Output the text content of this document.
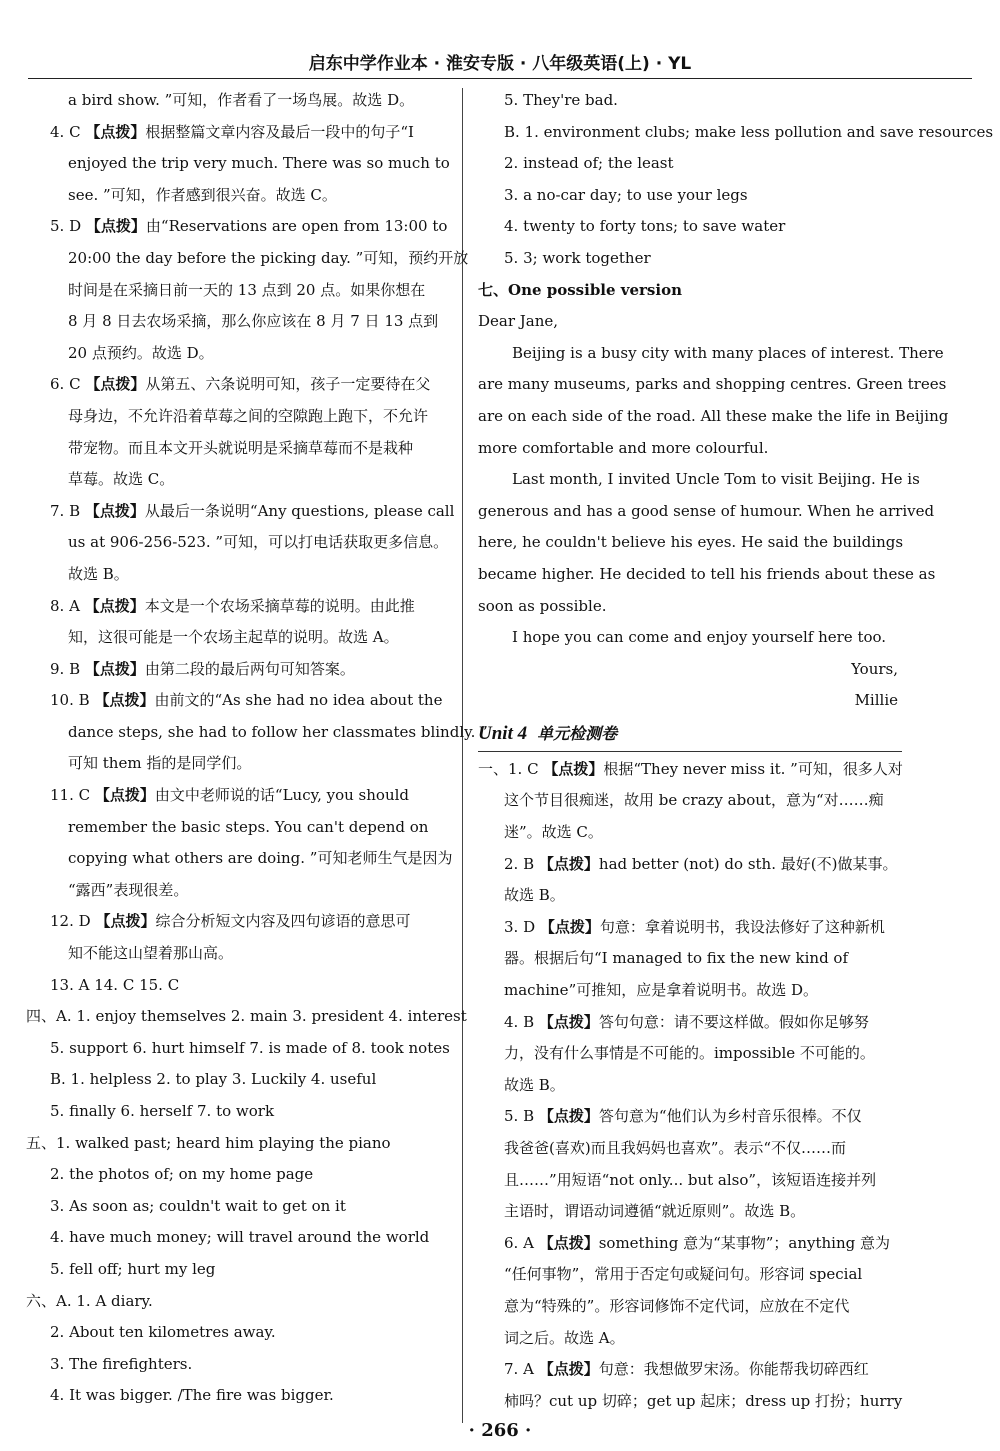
启东中学作业本 · 淮安专版 · 八年级英语(上) · YL
a bird show. ”可知，作者看了一场鸟展。故选 D。
4. C 【点拨】根据整篇文章内容及最后一段中的句子“I
enjoyed the trip very much. There was so much to
see. ”可知，作者感到很兴奋。故选 C。
5. D 【点拨】由“Reservations are open from 13:00 to
20:00 the day before the picking day. ”可知，预约开放
时间是在采摘日前一天的 13 点到 20 点。如果你想在
8 月 8 日去农场采摘，那么你应该在 8 月 7 日 13 点到
20 点预约。故选 D。
6. C 【点拨】从第五、六条说明可知，孩子一定要待在父
母身边，不允许沿着草莓之间的空隙跑上跑下，不允许
带宠物。而且本文开头就说明是采摘草莓而不是栽种
草莓。故选 C。
7. B 【点拨】从最后一条说明“Any questions, please call
us at 906-256-523. ”可知，可以打电话获取更多信息。
故选 B。
8. A 【点拨】本文是一个农场采摘草莓的说明。由此推
知，这很可能是一个农场主起草的说明。故选 A。
9. B 【点拨】由第二段的最后两句可知答案。
10. B 【点拨】由前文的“As she had no idea about the
dance steps, she had to follow her classmates blindly. ”
可知 them 指的是同学们。
11. C 【点拨】由文中老师说的话“Lucy, you should
remember the basic steps. You can't depend on
copying what others are doing. ”可知老师生气是因为
“露西”表现很差。
12. D 【点拨】综合分析短文内容及四句谚语的意思可
知不能这山望着那山高。
13. A 14. C 15. C
四、A. 1. enjoy themselves 2. main 3. president 4. interest
5. support 6. hurt himself 7. is made of 8. took notes
B. 1. helpless 2. to play 3. Luckily 4. useful
5. finally 6. herself 7. to work
五、1. walked past; heard him playing the piano
2. the photos of; on my home page
3. As soon as; couldn't wait to get on it
4. have much money; will travel around the world
5. fell off; hurt my leg
六、A. 1. A diary.
2. About ten kilometres away.
3. The firefighters.
4. It was bigger. /The fire was bigger.
5. They're bad.
B. 1. environment clubs; make less pollution and save resources
2. instead of; the least
3. a no-car day; to use your legs
4. twenty to forty tons; to save water
5. 3; work together
七、One possible version
Dear Jane,
Beijing is a busy city with many places of interest. There
are many museums, parks and shopping centres. Green trees
are on each side of the road. All these make the life in Beijing
more comfortable and more colourful.
Last month, I invited Uncle Tom to visit Beijing. He is
generous and has a good sense of humour. When he arrived
here, he couldn't believe his eyes. He said the buildings
became higher. He decided to tell his friends about these as
soon as possible.
I hope you can come and enjoy yourself here too.
Yours,
Millie
Unit 4 单元检测卷
一、1. C 【点拨】根据“They never miss it. ”可知，很多人对
这个节目很痴迷，故用 be crazy about，意为“对……痴
迷”。故选 C。
2. B 【点拨】had better (not) do sth. 最好(不)做某事。
故选 B。
3. D 【点拨】句意：拿着说明书，我设法修好了这种新机
器。根据后句“I managed to fix the new kind of
machine”可推知，应是拿着说明书。故选 D。
4. B 【点拨】答句句意：请不要这样做。假如你足够努
力，没有什么事情是不可能的。impossible 不可能的。
故选 B。
5. B 【点拨】答句意为“他们认为乡村音乐很棒。不仅
我爸爸(喜欢)而且我妈妈也喜欢”。表示“不仅……而
且……”用短语“not only... but also”，该短语连接并列
主语时，谓语动词遵循“就近原则”。故选 B。
6. A 【点拨】something 意为“某事物”；anything 意为
“任何事物”，常用于否定句或疑问句。形容词 special
意为“特殊的”。形容词修饰不定代词，应放在不定代
词之后。故选 A。
7. A 【点拨】句意：我想做罗宋汤。你能帮我切碎西红
柿吗？cut up 切碎；get up 起床；dress up 打扮；hurry
· 266 ·
